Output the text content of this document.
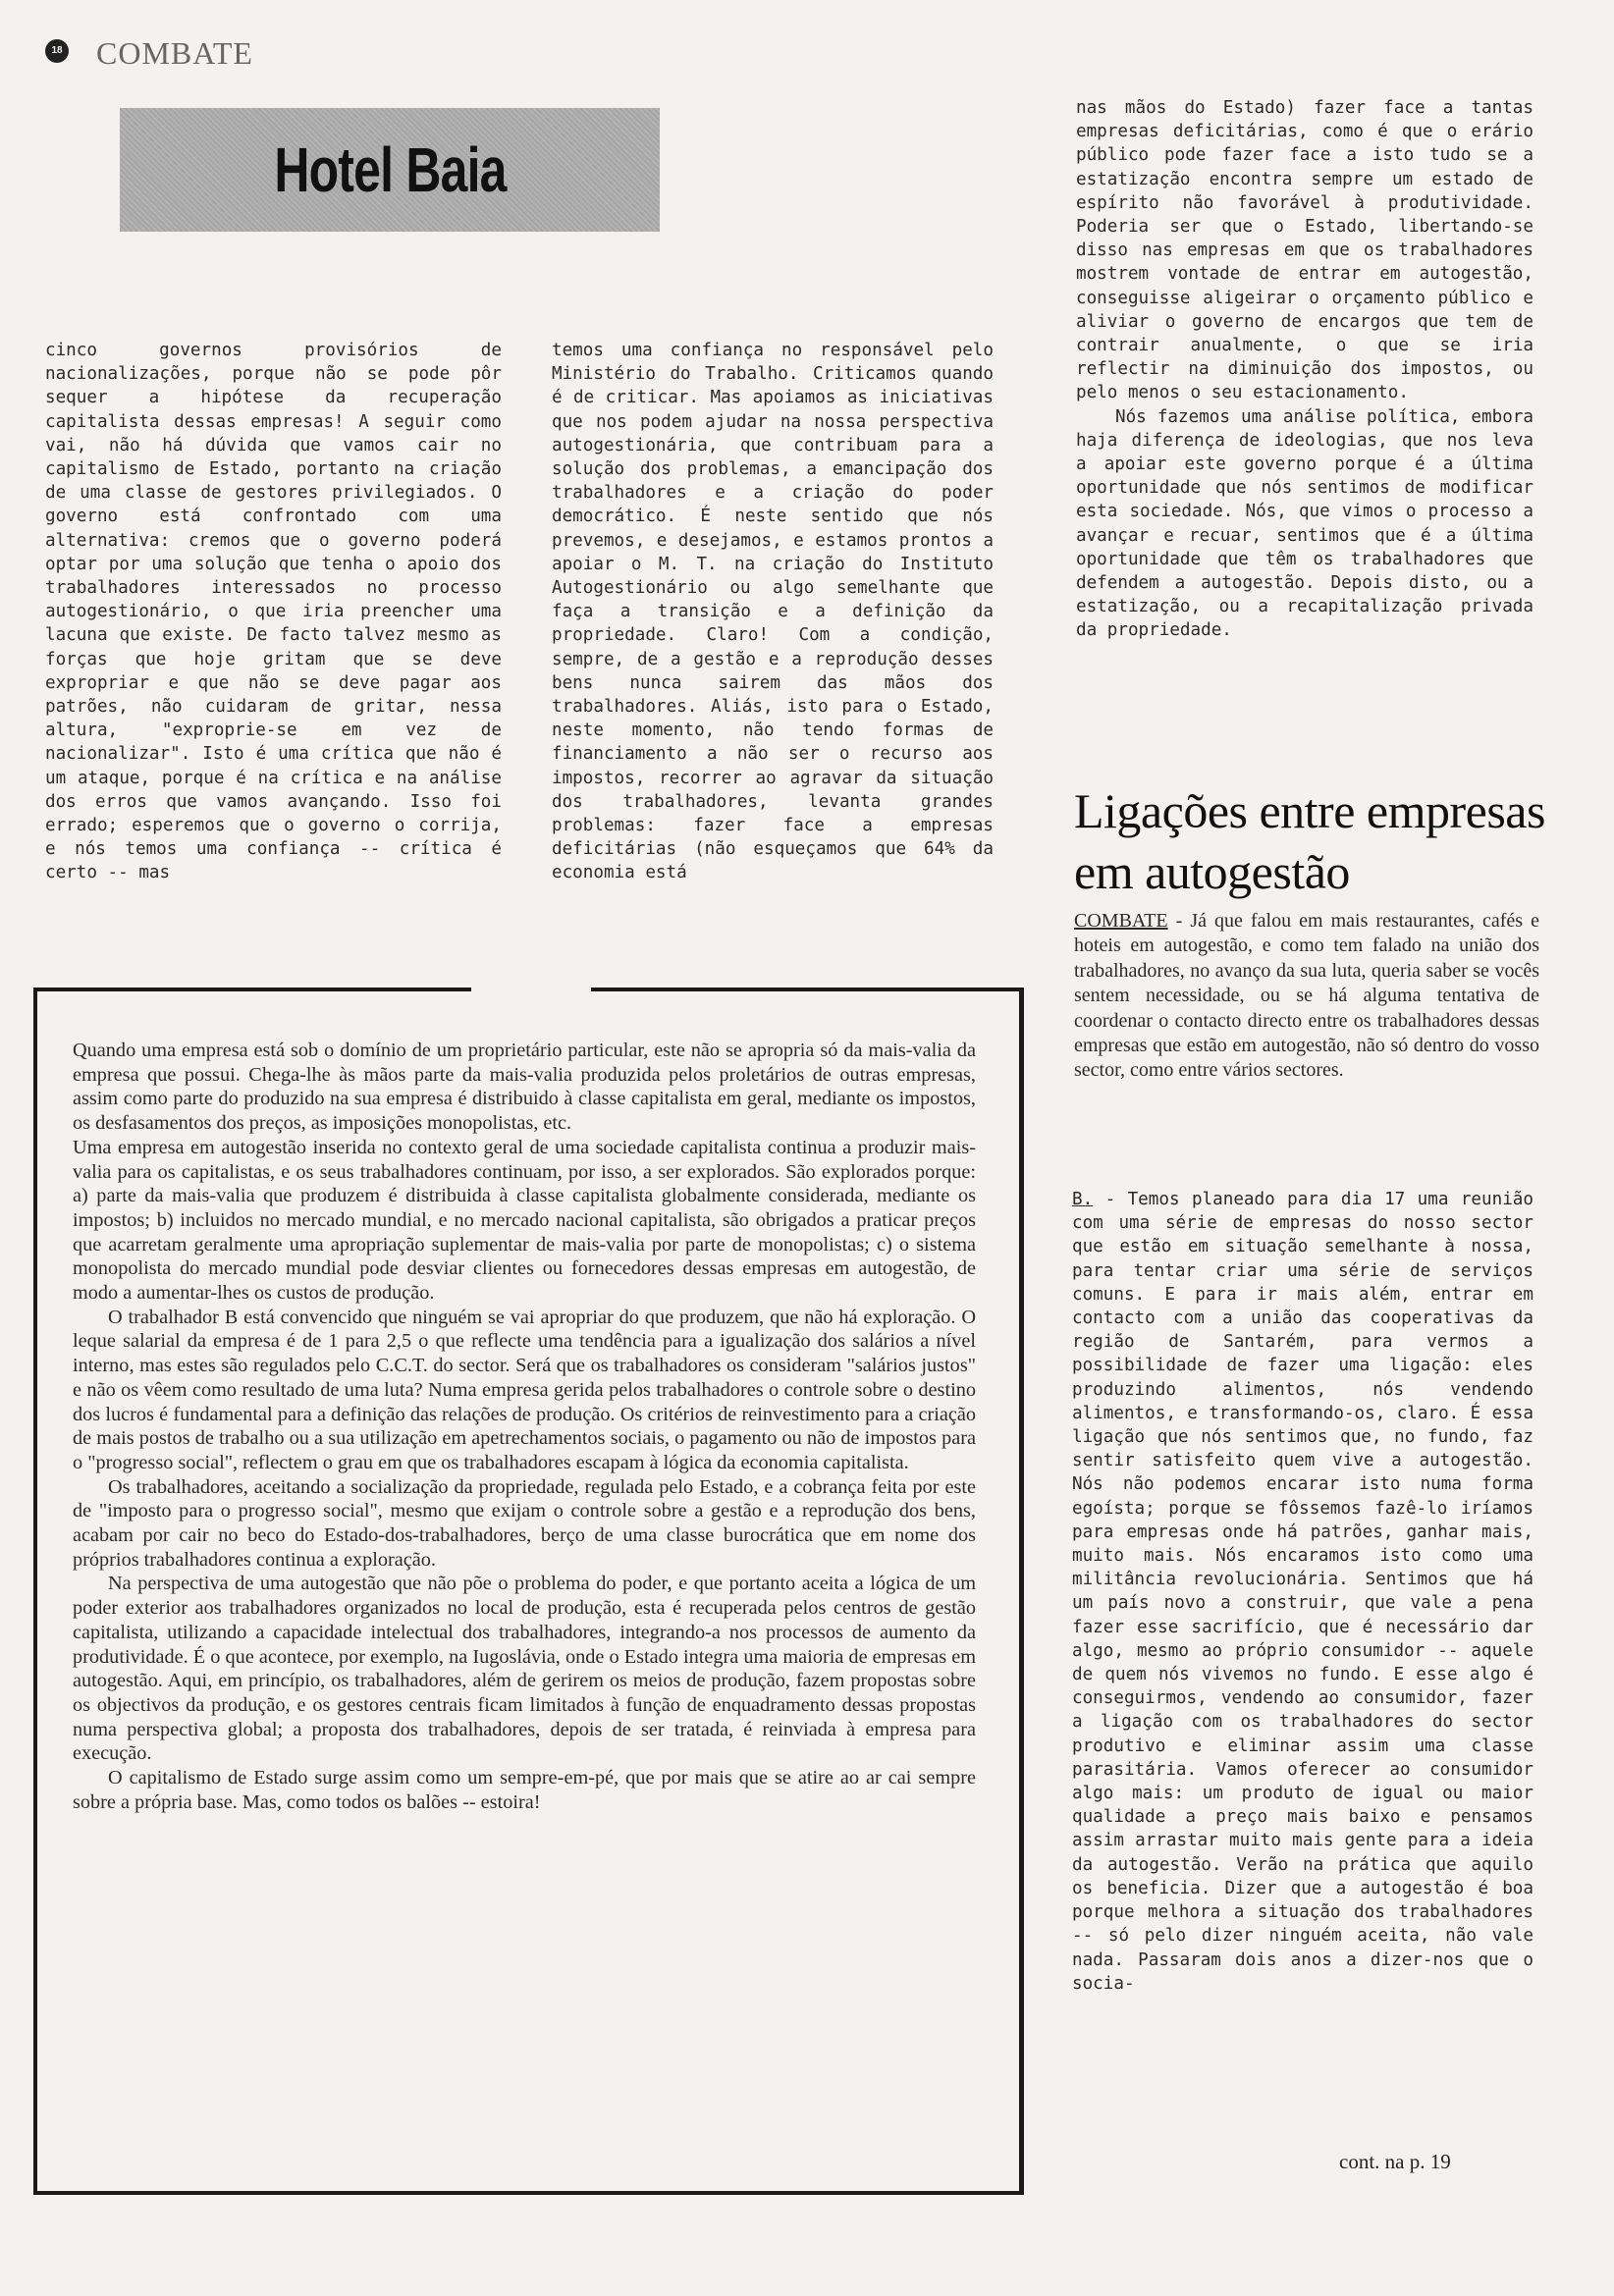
18 COMBATE
Hotel Baia

cinco governos provisórios de nacionalizações, porque não se pode pôr sequer a hipótese da recuperação capitalista dessas empresas! A seguir como vai, não há dúvida que vamos cair no capitalismo de Estado, portanto na criação de uma classe de gestores privilegiados. O governo está confrontado com uma alternativa: cremos que o governo poderá optar por uma solução que tenha o apoio dos trabalhadores interessados no processo autogestionário, o que iria preencher uma lacuna que existe. De facto talvez mesmo as forças que hoje gritam que se deve expropriar e que não se deve pagar aos patrões, não cuidaram de gritar, nessa altura, "exproprie-se em vez de nacionalizar". Isto é uma crítica que não é um ataque, porque é na crítica e na análise dos erros que vamos avançando. Isso foi errado; esperemos que o governo o corrija, e nós temos uma confiança -- crítica é certo -- mas

temos uma confiança no responsável pelo Ministério do Trabalho. Criticamos quando é de criticar. Mas apoiamos as iniciativas que nos podem ajudar na nossa perspectiva autogestionária, que contribuam para a solução dos problemas, a emancipação dos trabalhadores e a criação do poder democrático. É neste sentido que nós prevemos, e desejamos, e estamos prontos a apoiar o M. T. na criação do Instituto Autogestionário ou algo semelhante que faça a transição e a definição da propriedade. Claro! Com a condição, sempre, de a gestão e a reprodução desses bens nunca sairem das mãos dos trabalhadores. Aliás, isto para o Estado, neste momento, não tendo formas de financiamento a não ser o recurso aos impostos, recorrer ao agravar da situação dos trabalhadores, levanta grandes problemas: fazer face a empresas deficitárias (não esqueçamos que 64% da economia está

nas mãos do Estado) fazer face a tantas empresas deficitárias, como é que o erário público pode fazer face a isto tudo se a estatização encontra sempre um estado de espírito não favorável à produtividade. Poderia ser que o Estado, libertando-se disso nas empresas em que os trabalhadores mostrem vontade de entrar em autogestão, conseguisse aligeirar o orçamento público e aliviar o governo de encargos que tem de contrair anualmente, o que se iria reflectir na diminuição dos impostos, ou pelo menos o seu estacionamento.

Nós fazemos uma análise política, embora haja diferença de ideologias, que nos leva a apoiar este governo porque é a última oportunidade que nós sentimos de modificar esta sociedade. Nós, que vimos o processo a avançar e recuar, sentimos que é a última oportunidade que têm os trabalhadores que defendem a autogestão. Depois disto, ou a estatização, ou a recapitalização privada da propriedade.

Ligações entre empresas em autogestão
COMBATE - Já que falou em mais restaurantes, cafés e hoteis em autogestão, e como tem falado na união dos trabalhadores, no avanço da sua luta, queria saber se vocês sentem necessidade, ou se há alguma tentativa de coordenar o contacto directo entre os trabalhadores dessas empresas que estão em autogestão, não só dentro do vosso sector, como entre vários sectores.
B. - Temos planeado para dia 17 uma reunião com uma série de empresas do nosso sector que estão em situação semelhante à nossa, para tentar criar uma série de serviços comuns. E para ir mais além, entrar em contacto com a união das cooperativas da região de Santarém, para vermos a possibilidade de fazer uma ligação: eles produzindo alimentos, nós vendendo alimentos, e transformando-os, claro. É essa ligação que nós sentimos que, no fundo, faz sentir satisfeito quem vive a autogestão. Nós não podemos encarar isto numa forma egoísta; porque se fôssemos fazê-lo iríamos para empresas onde há patrões, ganhar mais, muito mais. Nós encaramos isto como uma militância revolucionária. Sentimos que há um país novo a construir, que vale a pena fazer esse sacrifício, que é necessário dar algo, mesmo ao próprio consumidor -- aquele de quem nós vivemos no fundo. E esse algo é conseguirmos, vendendo ao consumidor, fazer a ligação com os trabalhadores do sector produtivo e eliminar assim uma classe parasitária. Vamos oferecer ao consumidor algo mais: um produto de igual ou maior qualidade a preço mais baixo e pensamos assim arrastar muito mais gente para a ideia da autogestão. Verão na prática que aquilo os beneficia. Dizer que a autogestão é boa porque melhora a situação dos trabalhadores -- só pelo dizer ninguém aceita, não vale nada. Passaram dois anos a dizer-nos que o socia-

Quando uma empresa está sob o domínio de um proprietário particular, este não se apropria só da mais-valia da empresa que possui. Chega-lhe às mãos parte da mais-valia produzida pelos proletários de outras empresas, assim como parte do produzido na sua empresa é distribuido à classe capitalista em geral, mediante os impostos, os desfasamentos dos preços, as imposições monopolistas, etc.

Uma empresa em autogestão inserida no contexto geral de uma sociedade capitalista continua a produzir mais-valia para os capitalistas, e os seus trabalhadores continuam, por isso, a ser explorados. São explorados porque: a) parte da mais-valia que produzem é distribuida à classe capitalista globalmente considerada, mediante os impostos; b) incluidos no mercado mundial, e no mercado nacional capitalista, são obrigados a praticar preços que acarretam geralmente uma apropriação suplementar de mais-valia por parte de monopolistas; c) o sistema monopolista do mercado mundial pode desviar clientes ou fornecedores dessas empresas em autogestão, de modo a aumentar-lhes os custos de produção.

O trabalhador B está convencido que ninguém se vai apropriar do que produzem, que não há exploração. O leque salarial da empresa é de 1 para 2,5 o que reflecte uma tendência para a igualização dos salários a nível interno, mas estes são regulados pelo C.C.T. do sector. Será que os trabalhadores os consideram "salários justos" e não os vêem como resultado de uma luta? Numa empresa gerida pelos trabalhadores o controle sobre o destino dos lucros é fundamental para a definição das relações de produção. Os critérios de reinvestimento para a criação de mais postos de trabalho ou a sua utilização em apetrechamentos sociais, o pagamento ou não de impostos para o "progresso social", reflectem o grau em que os trabalhadores escapam à lógica da economia capitalista.

Os trabalhadores, aceitando a socialização da propriedade, regulada pelo Estado, e a cobrança feita por este de "imposto para o progresso social", mesmo que exijam o controle sobre a gestão e a reprodução dos bens, acabam por cair no beco do Estado-dos-trabalhadores, berço de uma classe burocrática que em nome dos próprios trabalhadores continua a exploração.

Na perspectiva de uma autogestão que não põe o problema do poder, e que portanto aceita a lógica de um poder exterior aos trabalhadores organizados no local de produção, esta é recuperada pelos centros de gestão capitalista, utilizando a capacidade intelectual dos trabalhadores, integrando-a nos processos de aumento da produtividade. É o que acontece, por exemplo, na Iugoslávia, onde o Estado integra uma maioria de empresas em autogestão. Aqui, em princípio, os trabalhadores, além de gerirem os meios de produção, fazem propostas sobre os objectivos da produção, e os gestores centrais ficam limitados à função de enquadramento dessas propostas numa perspectiva global; a proposta dos trabalhadores, depois de ser tratada, é reinviada à empresa para execução.

O capitalismo de Estado surge assim como um sempre-em-pé, que por mais que se atire ao ar cai sempre sobre a própria base. Mas, como todos os balões -- estoira!

cont. na p. 19
